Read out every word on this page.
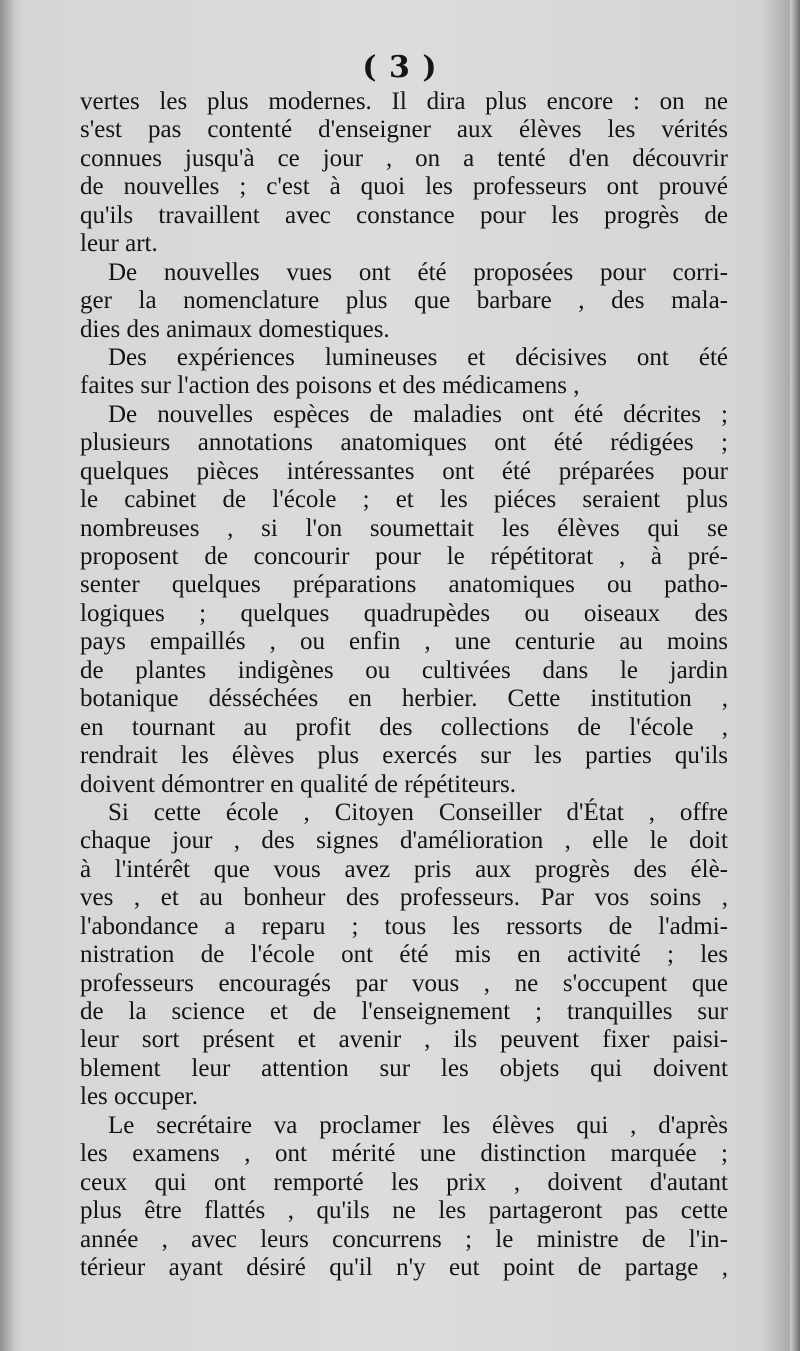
( 3 )
vertes les plus modernes. Il dira plus encore : on ne
s'est pas contenté d'enseigner aux élèves les vérités
connues jusqu'à ce jour , on a tenté d'en découvrir
de nouvelles ; c'est à quoi les professeurs ont prouvé
qu'ils travaillent avec constance pour les progrès de
leur art.
De nouvelles vues ont été proposées pour corri-
ger la nomenclature plus que barbare , des mala-
dies des animaux domestiques.
Des expériences lumineuses et décisives ont été
faites sur l'action des poisons et des médicamens ,
De nouvelles espèces de maladies ont été décrites ;
plusieurs annotations anatomiques ont été rédigées ;
quelques pièces intéressantes ont été préparées pour
le cabinet de l'école ; et les piéces seraient plus
nombreuses , si l'on soumettait les élèves qui se
proposent de concourir pour le répétitorat , à pré-
senter quelques préparations anatomiques ou patho-
logiques ; quelques quadrupèdes ou oiseaux des
pays empaillés , ou enfin , une centurie au moins
de plantes indigènes ou cultivées dans le jardin
botanique désséchées en herbier. Cette institution ,
en tournant au profit des collections de l'école ,
rendrait les élèves plus exercés sur les parties qu'ils
doivent démontrer en qualité de répétiteurs.
Si cette école , Citoyen Conseiller d'État , offre
chaque jour , des signes d'amélioration , elle le doit
à l'intérêt que vous avez pris aux progrès des élè-
ves , et au bonheur des professeurs. Par vos soins ,
l'abondance a reparu ; tous les ressorts de l'admi-
nistration de l'école ont été mis en activité ; les
professeurs encouragés par vous , ne s'occupent que
de la science et de l'enseignement ; tranquilles sur
leur sort présent et avenir , ils peuvent fixer paisi-
blement leur attention sur les objets qui doivent
les occuper.
Le secrétaire va proclamer les élèves qui , d'après
les examens , ont mérité une distinction marquée ;
ceux qui ont remporté les prix , doivent d'autant
plus être flattés , qu'ils ne les partageront pas cette
année , avec leurs concurrens ; le ministre de l'in-
térieur ayant désiré qu'il n'y eut point de partage ,
